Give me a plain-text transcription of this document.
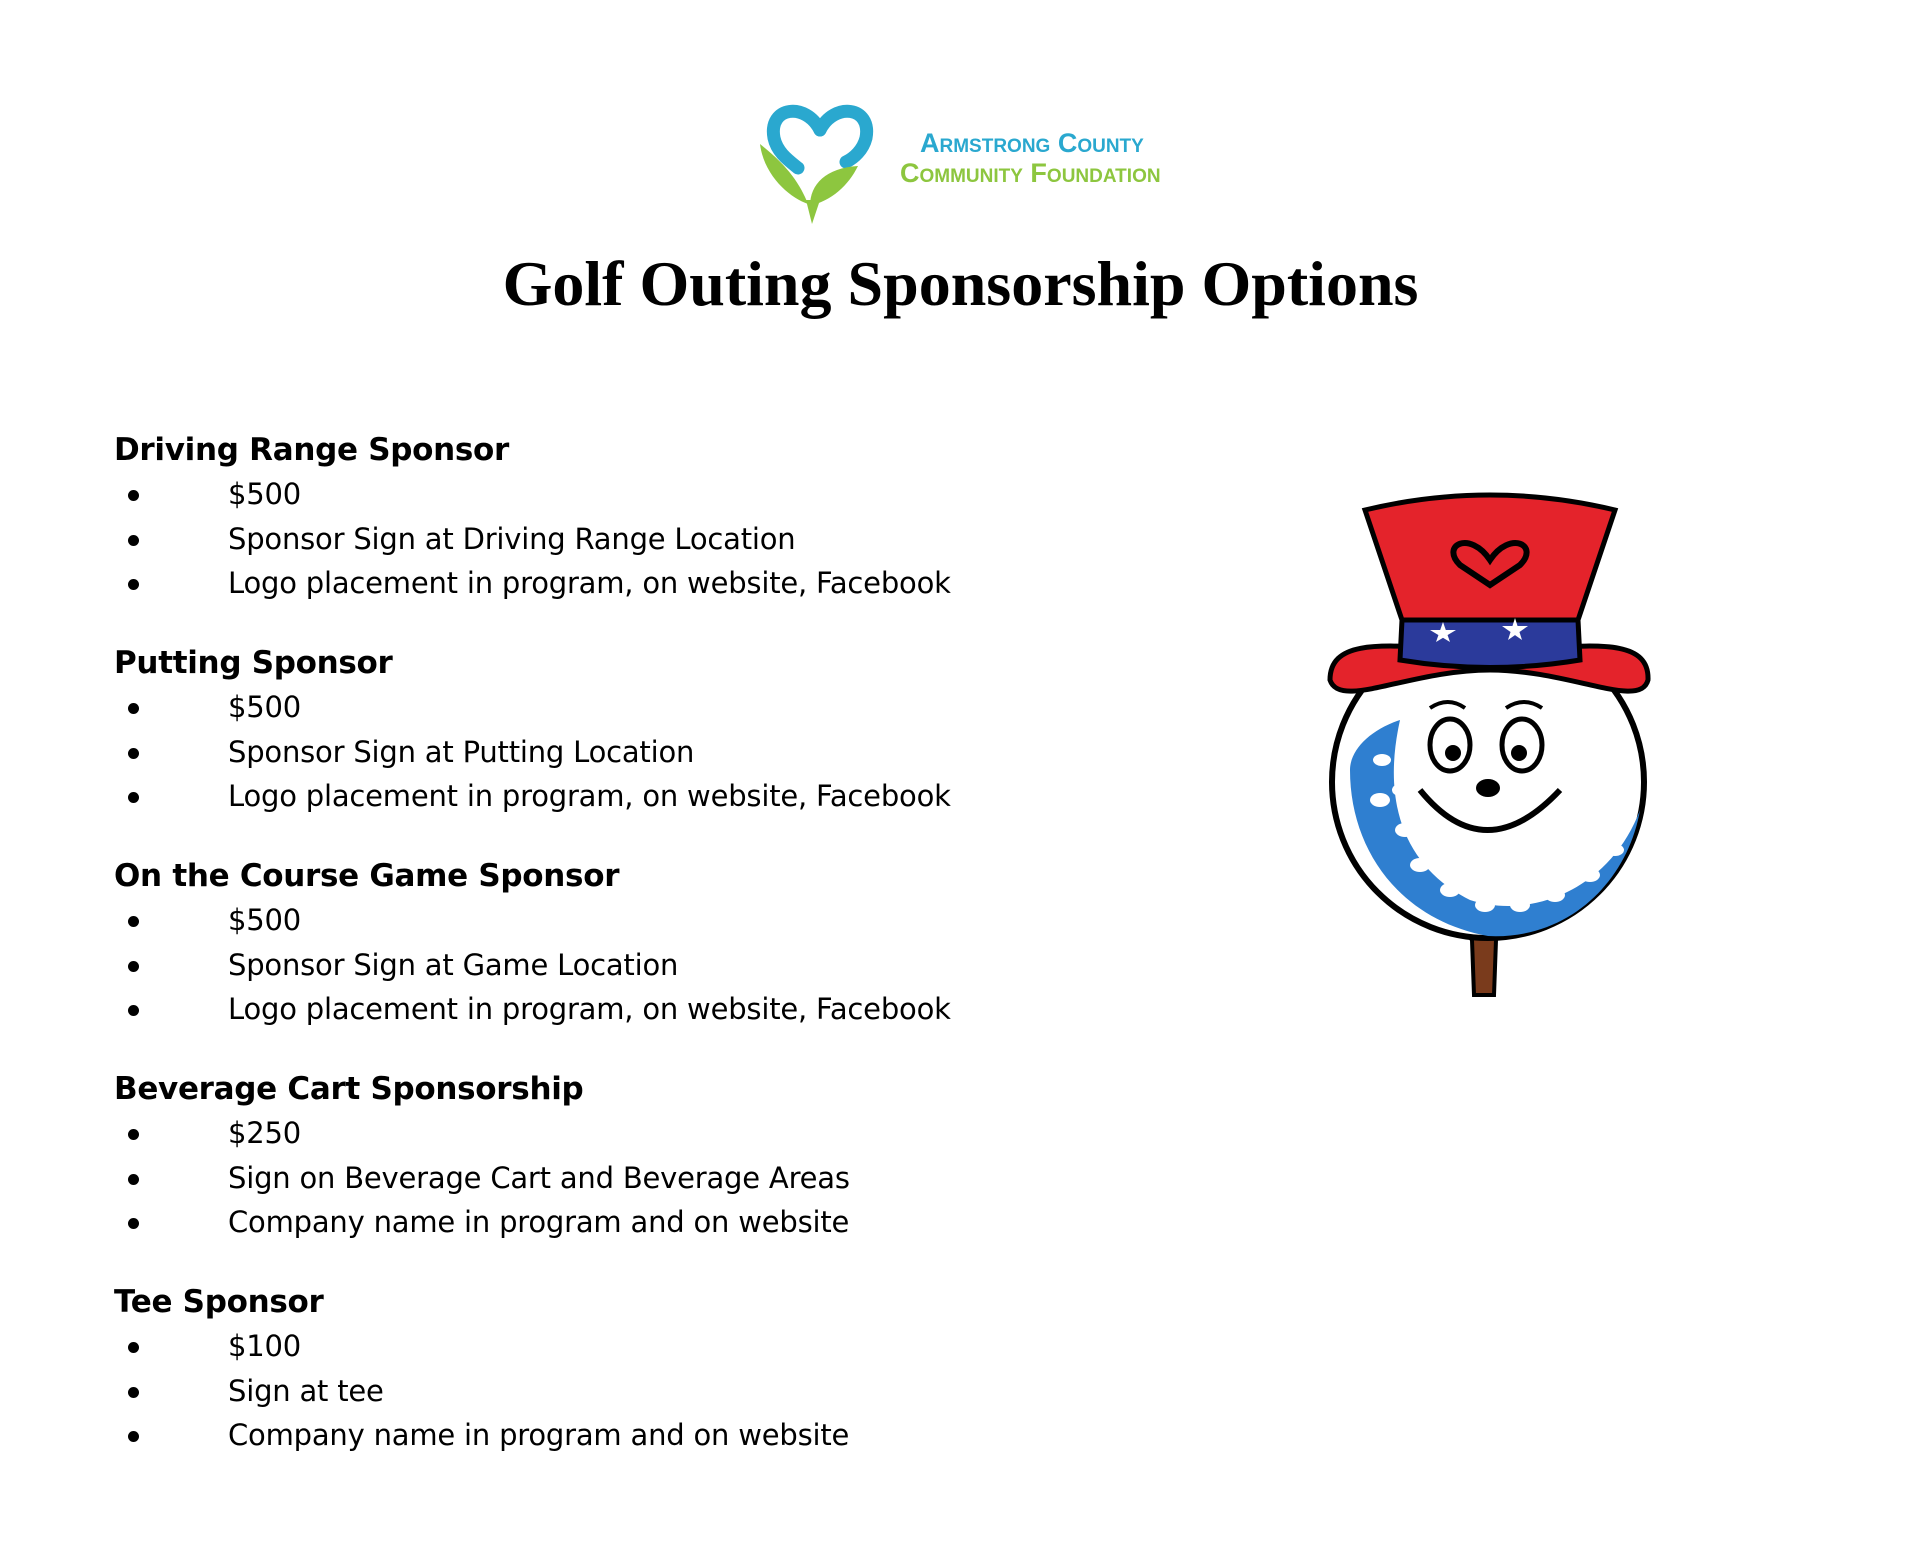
Armstrong County
Community Foundation
Golf Outing Sponsorship Options
Driving Range Sponsor
$500
Sponsor Sign at Driving Range Location
Logo placement in program, on website, Facebook
Putting Sponsor
$500
Sponsor Sign at Putting Location
Logo placement in program, on website, Facebook
On the Course Game Sponsor
$500
Sponsor Sign at Game Location
Logo placement in program, on website, Facebook
Beverage Cart Sponsorship
$250
Sign on Beverage Cart and Beverage Areas
Company name in program and on website
Tee Sponsor
$100
Sign at tee
Company name in program and on website
